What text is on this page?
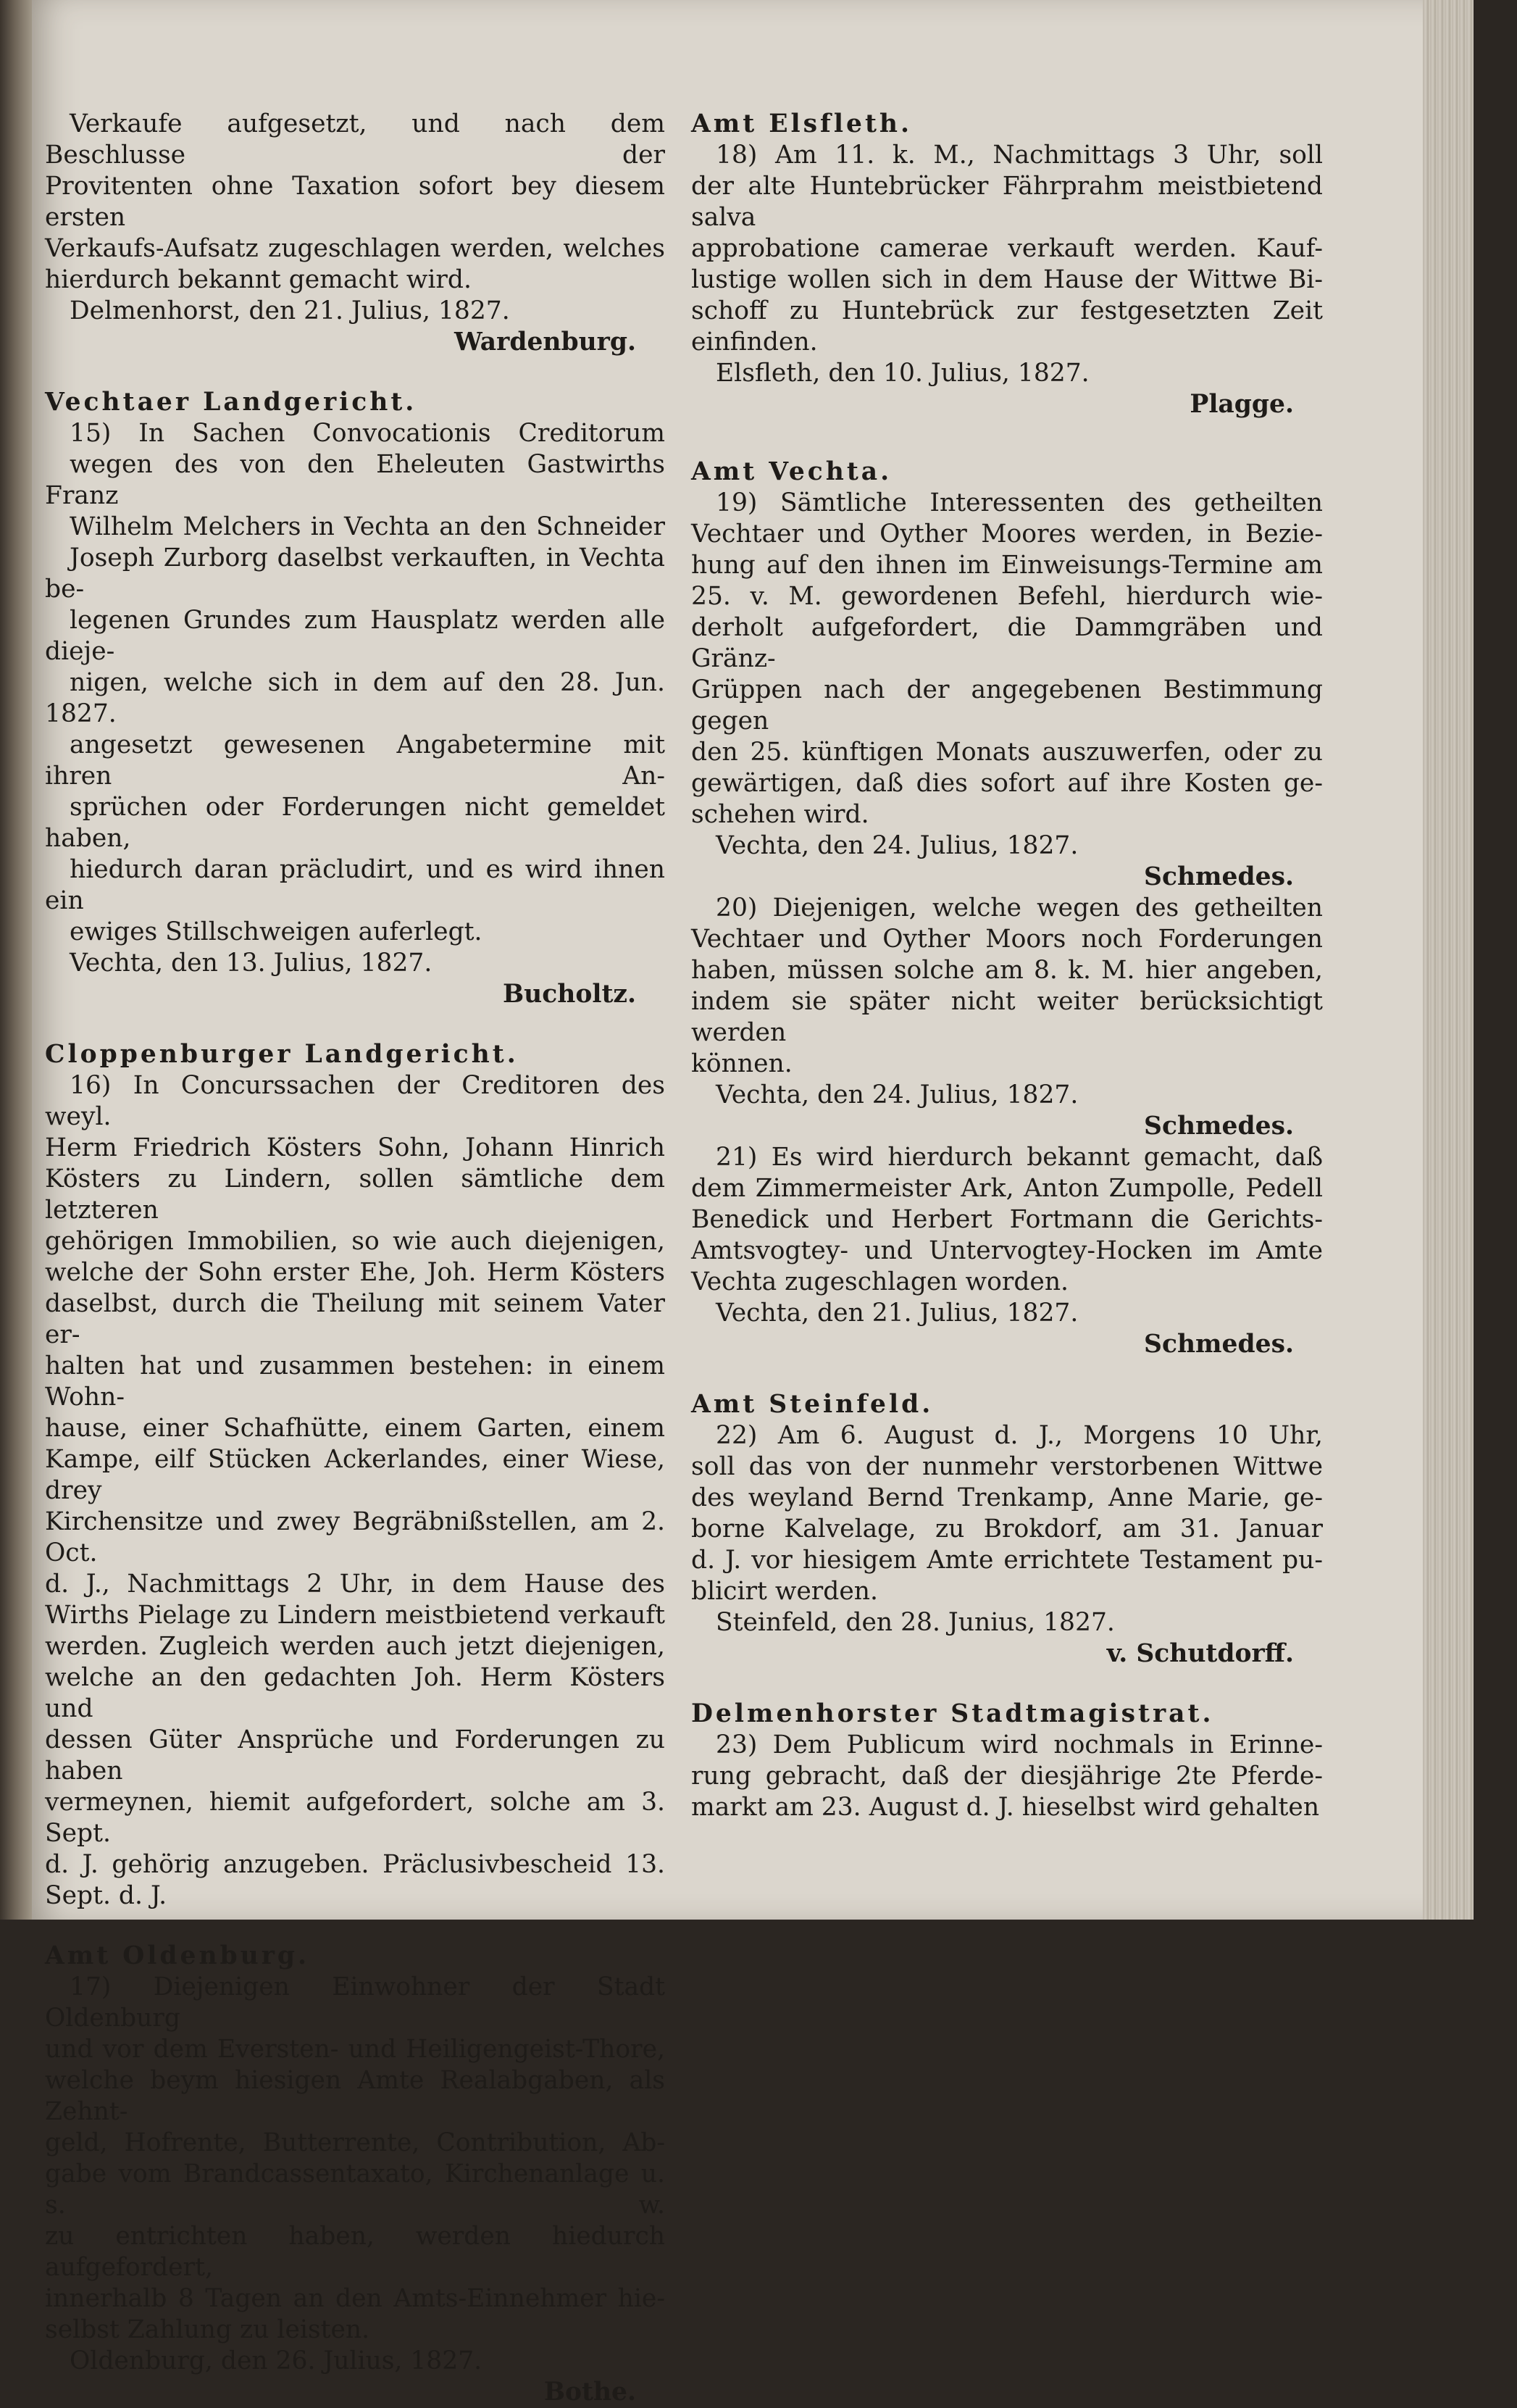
Verkaufe aufgesetzt, und nach dem Beschlusse der

Provitenten ohne Taxation sofort bey diesem ersten

Verkaufs-Aufsatz zugeschlagen werden, welches

hierdurch bekannt gemacht wird.

Delmenhorst, den 21. Julius, 1827.

Wardenburg.

Vechtaer Landgericht.

15) In Sachen Convocationis Creditorum

wegen des von den Eheleuten Gastwirths Franz

Wilhelm Melchers in Vechta an den Schneider

Joseph Zurborg daselbst verkauften, in Vechta be-

legenen Grundes zum Hausplatz werden alle dieje-

nigen, welche sich in dem auf den 28. Jun. 1827.

angesetzt gewesenen Angabetermine mit ihren An-

sprüchen oder Forderungen nicht gemeldet haben,

hiedurch daran präcludirt, und es wird ihnen ein

ewiges Stillschweigen auferlegt.

Vechta, den 13. Julius, 1827.

Bucholtz.

Cloppenburger Landgericht.

16) In Concurssachen der Creditoren des weyl.

Herm Friedrich Kösters Sohn, Johann Hinrich

Kösters zu Lindern, sollen sämtliche dem letzteren

gehörigen Immobilien, so wie auch diejenigen,

welche der Sohn erster Ehe, Joh. Herm Kösters

daselbst, durch die Theilung mit seinem Vater er-

halten hat und zusammen bestehen: in einem Wohn-

hause, einer Schafhütte, einem Garten, einem

Kampe, eilf Stücken Ackerlandes, einer Wiese, drey

Kirchensitze und zwey Begräbnißstellen, am 2. Oct.

d. J., Nachmittags 2 Uhr, in dem Hause des

Wirths Pielage zu Lindern meistbietend verkauft

werden. Zugleich werden auch jetzt diejenigen,

welche an den gedachten Joh. Herm Kösters und

dessen Güter Ansprüche und Forderungen zu haben

vermeynen, hiemit aufgefordert, solche am 3. Sept.

d. J. gehörig anzugeben. Präclusivbescheid 13.

Sept. d. J.

Amt Oldenburg.

17) Diejenigen Einwohner der Stadt Oldenburg

und vor dem Eversten- und Heiligengeist-Thore,

welche beym hiesigen Amte Realabgaben, als Zehnt-

geld, Hofrente, Butterrente, Contribution, Ab-

gabe vom Brandcassentaxato, Kirchenanlage u. s. w.

zu entrichten haben, werden hiedurch aufgefordert,

innerhalb 8 Tagen an den Amts-Einnehmer hie-

selbst Zahlung zu leisten.

Oldenburg, den 26. Julius, 1827.

Bothe.

Amt Elsfleth.

18) Am 11. k. M., Nachmittags 3 Uhr, soll

der alte Huntebrücker Fährprahm meistbietend salva

approbatione camerae verkauft werden. Kauf-

lustige wollen sich in dem Hause der Wittwe Bi-

schoff zu Huntebrück zur festgesetzten Zeit einfinden.

Elsfleth, den 10. Julius, 1827.

Plagge.

Amt Vechta.

19) Sämtliche Interessenten des getheilten

Vechtaer und Oyther Moores werden, in Bezie-

hung auf den ihnen im Einweisungs-Termine am

25. v. M. gewordenen Befehl, hierdurch wie-

derholt aufgefordert, die Dammgräben und Gränz-

Grüppen nach der angegebenen Bestimmung gegen

den 25. künftigen Monats auszuwerfen, oder zu

gewärtigen, daß dies sofort auf ihre Kosten ge-

schehen wird.

Vechta, den 24. Julius, 1827.

Schmedes.

20) Diejenigen, welche wegen des getheilten

Vechtaer und Oyther Moors noch Forderungen

haben, müssen solche am 8. k. M. hier angeben,

indem sie später nicht weiter berücksichtigt werden

können.

Vechta, den 24. Julius, 1827.

Schmedes.

21) Es wird hierdurch bekannt gemacht, daß

dem Zimmermeister Ark, Anton Zumpolle, Pedell

Benedick und Herbert Fortmann die Gerichts-

Amtsvogtey- und Untervogtey-Hocken im Amte

Vechta zugeschlagen worden.

Vechta, den 21. Julius, 1827.

Schmedes.

Amt Steinfeld.

22) Am 6. August d. J., Morgens 10 Uhr,

soll das von der nunmehr verstorbenen Wittwe

des weyland Bernd Trenkamp, Anne Marie, ge-

borne Kalvelage, zu Brokdorf, am 31. Januar

d. J. vor hiesigem Amte errichtete Testament pu-

blicirt werden.

Steinfeld, den 28. Junius, 1827.

v. Schutdorff.

Delmenhorster Stadtmagistrat.

23) Dem Publicum wird nochmals in Erinne-

rung gebracht, daß der diesjährige 2te Pferde-

markt am 23. August d. J. hieselbst wird gehalten
